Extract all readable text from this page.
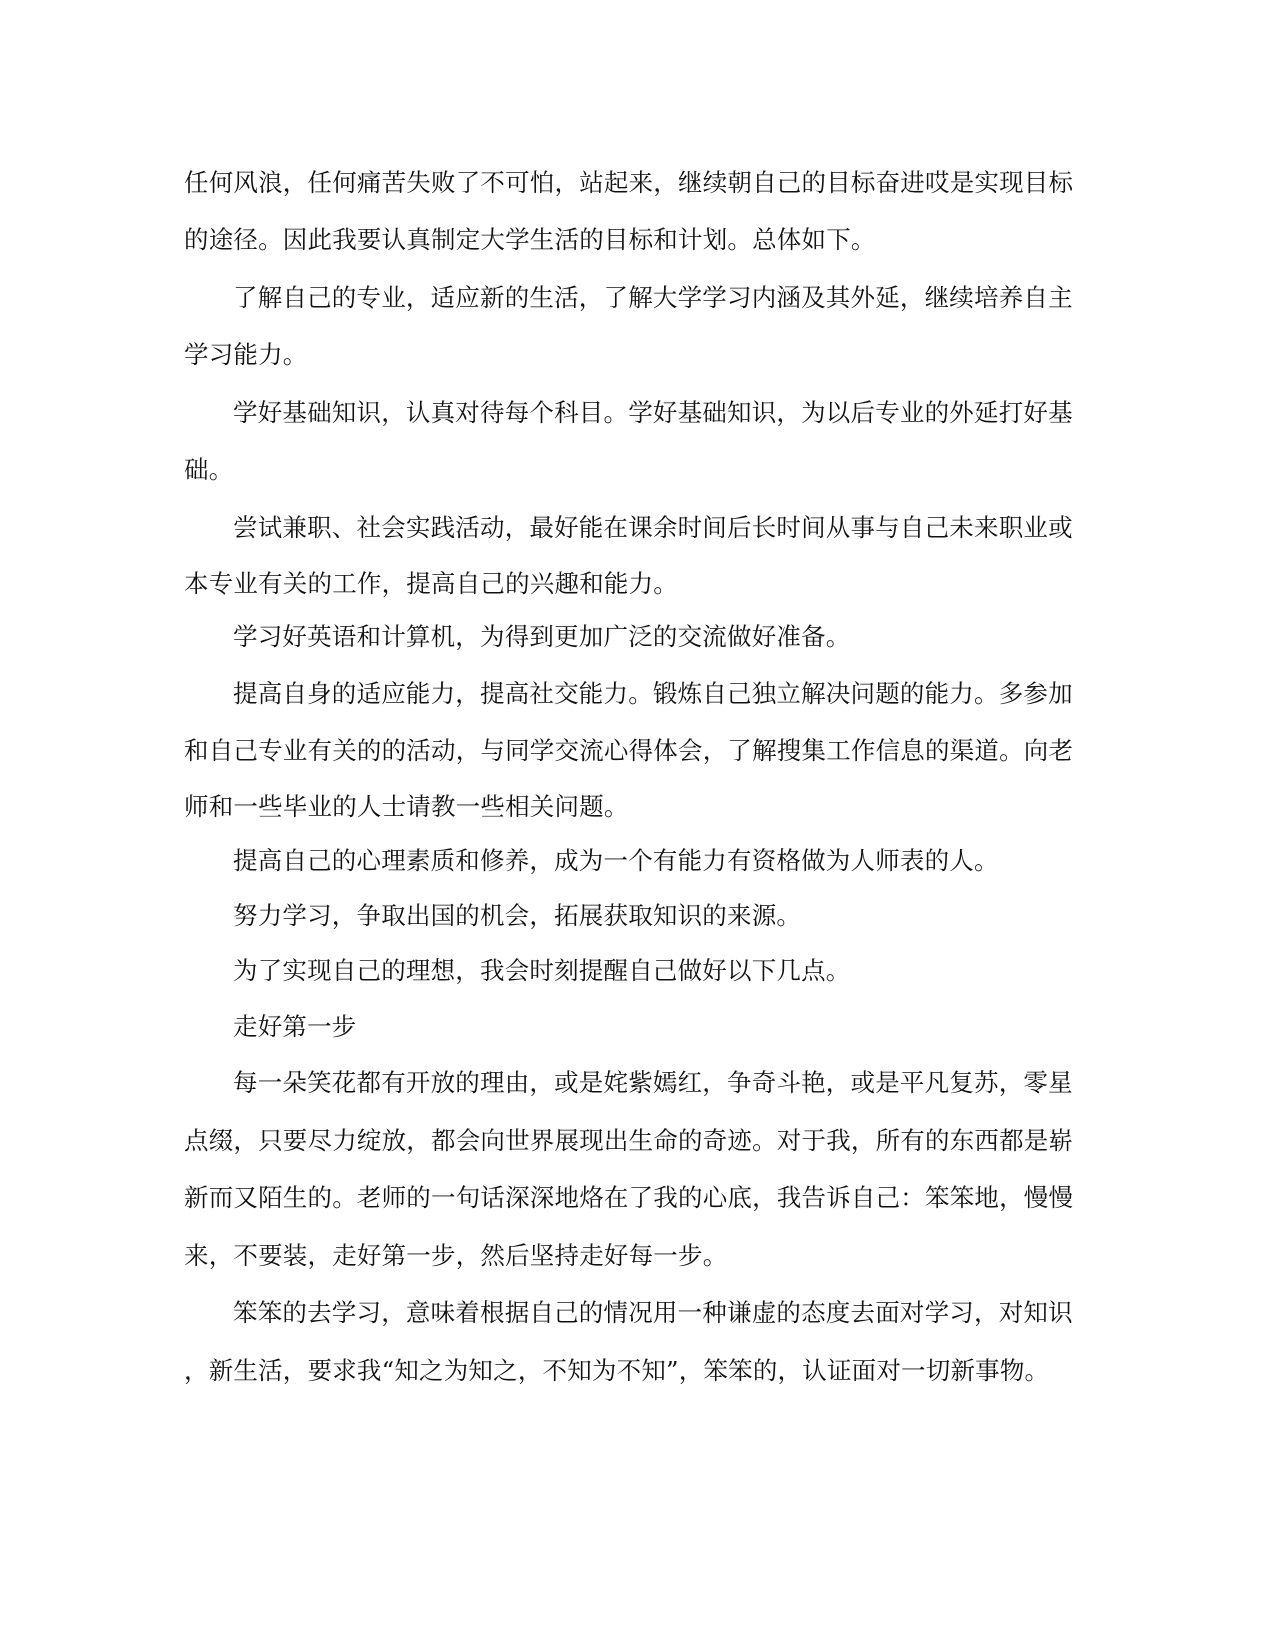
任何风浪，任何痛苦失败了不可怕，站起来，继续朝自己的目标奋进哎是实现目标
的途径。因此我要认真制定大学生活的目标和计划。总体如下。
了解自己的专业，适应新的生活，了解大学学习内涵及其外延，继续培养自主
学习能力。
学好基础知识，认真对待每个科目。学好基础知识，为以后专业的外延打好基
础。
尝试兼职、社会实践活动，最好能在课余时间后长时间从事与自己未来职业或
本专业有关的工作，提高自己的兴趣和能力。
学习好英语和计算机，为得到更加广泛的交流做好准备。
提高自身的适应能力，提高社交能力。锻炼自己独立解决问题的能力。多参加
和自己专业有关的的活动，与同学交流心得体会，了解搜集工作信息的渠道。向老
师和一些毕业的人士请教一些相关问题。
提高自己的心理素质和修养，成为一个有能力有资格做为人师表的人。
努力学习，争取出国的机会，拓展获取知识的来源。
为了实现自己的理想，我会时刻提醒自己做好以下几点。
走好第一步
每一朵笑花都有开放的理由，或是姹紫嫣红，争奇斗艳，或是平凡复苏，零星
点缀，只要尽力绽放，都会向世界展现出生命的奇迹。对于我，所有的东西都是崭
新而又陌生的。老师的一句话深深地烙在了我的心底，我告诉自己：笨笨地，慢慢
来，不要装，走好第一步，然后坚持走好每一步。
笨笨的去学习，意味着根据自己的情况用一种谦虚的态度去面对学习，对知识
，新生活，要求我“知之为知之，不知为不知”，笨笨的，认证面对一切新事物。
